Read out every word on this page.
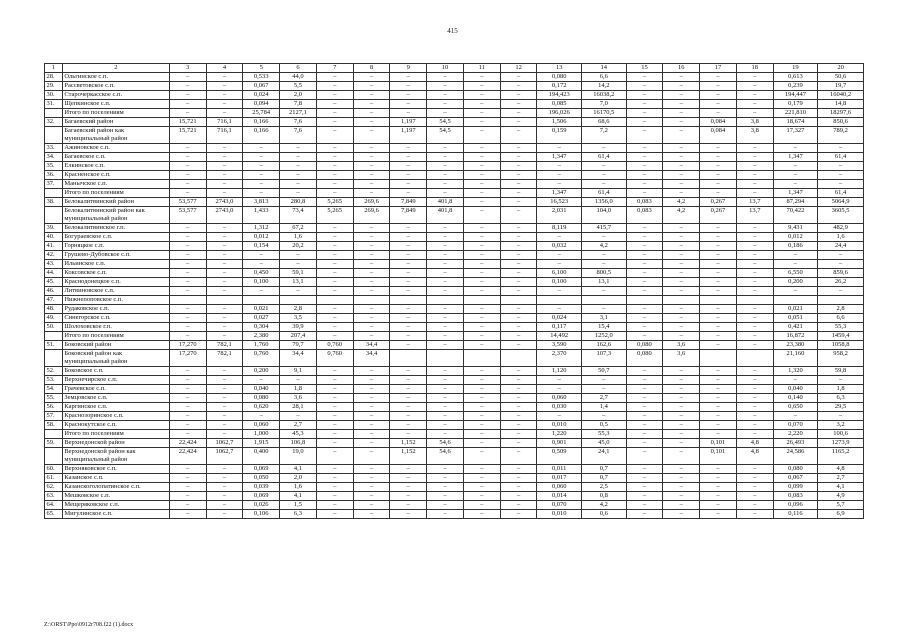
415
1	2	3	4	5	6	7	8	9	10	11	12	13	14	15	16	17	18	19	20
28.	Ольгинское с.п.	–	–	0,533	44,0	–	–	–	–	–	–	0,080	6,6	–	–	–	–	0,613	50,6
29.	Рассветовское с.п.	–	–	0,067	5,5	–	–	–	–	–	–	0,172	14,2	–	–	–	–	0,239	19,7
30.	Старочеркасское с.п.	–	–	0,024	2,0	–	–	–	–	–	–	194,423	16038,2	–	–	–	–	194,447	16040,2
31.	Щепкинское с.п.	–	–	0,094	7,8	–	–	–	–	–	–	0,085	7,0	–	–	–	–	0,179	14,8
	Итого по поселениям	–	–	25,784	2127,1	–	–	–	–	–	–	196,026	16170,5	–	–	–	–	221,810	18297,6
32.	Багаевский район	15,721	716,1	0,166	7,6	–	–	1,197	54,5	–	–	1,506	68,6	–	–	0,084	3,8	18,674	850,6
	Багаевский район как муниципальный район	15,721	716,1	0,166	7,6	–	–	1,197	54,5	–	–	0,159	7,2	–	–	0,084	3,8	17,327	789,2
33.	Ажиновское с.п.	–	–	–	–	–	–	–	–	–	–	–	–	–	–	–	–	–	–
34.	Багаевское с.п.	–	–	–	–	–	–	–	–	–	–	1,347	61,4	–	–	–	–	1,347	61,4
35.	Елкинское с.п.	–	–	–	–	–	–	–	–	–	–	–	–	–	–	–	–	–	–
36.	Красненское с.п.	–	–	–	–	–	–	–	–	–	–	–	–	–	–	–	–	–	–
37.	Манычское с.п.	–	–	–	–	–	–	–	–	–	–	–	–	–	–	–	–	–	–
	Итого по поселениям	–	–	–	–	–	–	–	–	–	–	1,347	61,4	–	–	–	–	1,347	61,4
38.	Белокалитвинский район	53,577	2743,0	3,813	280,8	5,265	269,6	7,849	401,8	–	–	16,523	1356,0	0,083	4,2	0,267	13,7	87,294	5064,9
	Белокалитвинский район как муниципальный район	53,577	2743,0	1,433	73,4	5,265	269,6	7,849	401,8	–	–	2,031	104,0	0,083	4,2	0,267	13,7	70,422	3605,5
39.	Белокалитвинское г.п.	–	–	1,312	67,2	–	–	–	–	–	–	8,119	415,7	–	–	–	–	9,431	482,9
40.	Богураевское с.п.	–	–	0,012	1,6	–	–	–	–	–	–	–	–	–	–	–	–	0,012	1,6
41.	Горняцкое с.п.	–	–	0,154	20,2	–	–	–	–	–	–	0,032	4,2	–	–	–	–	0,186	24,4
42.	Грушево-Дубовское с.п.	–	–	–	–	–	–	–	–	–	–	–	–	–	–	–	–	–	–
43.	Ильинское с.п.	–	–	–	–	–	–	–	–	–	–	–	–	–	–	–	–	–	–
44.	Коксовское с.п.	–	–	0,450	59,1	–	–	–	–	–	–	6,100	800,5	–	–	–	–	6,550	859,6
45.	Краснодонецкое с.п.	–	–	0,100	13,1	–	–	–	–	–	–	0,100	13,1	–	–	–	–	0,200	26,2
46.	Литвиновское с.п.	–	–	–	–	–	–	–	–	–	–	–	–	–	–	–	–	–	–
47.	Нижнепоповское с.п.																		
48.	Рудаковское с.п.	–	–	0,021	2,8	–	–	–	–	–	–	–	–	–	–	–	–	0,021	2,8
49.	Синегорское с.п.	–	–	0,027	3,5	–	–	–	–	–	–	0,024	3,1	–	–	–	–	0,051	6,6
50.	Шолоховское г.п.	–	–	0,304	39,9	–	–	–	–	–	–	0,117	15,4	–	–	–	–	0,421	55,3
	Итого по поселениям	–	–	2,380	207,4	–	–	–	–	–	–	14,492	1252,0	–	–	–	–	16,872	1459,4
51.	Боковский район	17,270	782,1	1,760	79,7	0,760	34,4	–	–	–	–	3,590	162,6	0,080	3,6	–	–	23,380	1058,8
	Боковский район как муниципальный район	17,270	782,1	0,760	34,4	0,760	34,4					2,370	107,3	0,080	3,6			21,160	958,2
52.	Боковское с.п.	–	–	0,200	9,1	–	–	–	–	–	–	1,120	50,7	–	–	–	–	1,320	59,8
53.	Верхнечирское с.п.	–	–	–	–	–	–	–	–	–	–	–	–	–	–	–	–	–	–
54.	Грачевское с.п.	–	–	0,040	1,8	–	–	–	–	–	–	–	–	–	–	–	–	0,040	1,8
55.	Земцовское с.п.	–	–	0,080	3,6	–	–	–	–	–	–	0,060	2,7	–	–	–	–	0,140	6,3
56.	Каргинское с.п.	–	–	0,620	28,1	–	–	–	–	–	–	0,030	1,4	–	–	–	–	0,650	29,5
57.	Краснозоринское с.п.	–	–	–	–	–	–	–	–	–	–	–	–	–	–	–	–	–	–
58.	Краснокутское с.п.	–	–	0,060	2,7	–	–	–	–	–	–	0,010	0,5	–	–	–	–	0,070	3,2
	Итого по поселениям	–	–	1,000	45,3	–	–	–	–	–	–	1,220	55,3	–	–	–	–	2,220	100,6
59.	Верхнедонской район	22,424	1062,7	1,915	106,8	–	–	1,152	54,6	–	–	0,901	45,0	–	–	0,101	4,8	26,493	1273,9
	Верхнедонской район как муниципальный район	22,424	1062,7	0,400	19,0	–	–	1,152	54,6	–	–	0,509	24,1	–	–	0,101	4,8	24,586	1165,2
60.	Верхняковское с.п.	–	–	0,069	4,1	–	–	–	–	–	–	0,011	0,7	–	–	–	–	0,080	4,8
61.	Казанское с.п.	–	–	0,050	2,0	–	–	–	–	–	–	0,017	0,7	–	–	–	–	0,067	2,7
62.	Казанскоголопатинское с.п.	–	–	0,039	1,6	–	–	–	–	–	–	0,060	2,5	–	–	–	–	0,099	4,1
63.	Мешковское с.п.	–	–	0,069	4,1	–	–	–	–	–	–	0,014	0,8	–	–	–	–	0,083	4,9
64.	Мещеряковское с.п.	–	–	0,026	1,5	–	–	–	–	–	–	0,070	4,2	–	–	–	–	0,096	5,7
65.	Мигулинское с.п.	–	–	0,106	6,3	–	–	–	–	–	–	0,010	0,6	–	–	–	–	0,116	6,9
Z:\ORST\Ppo\0912r708.f22 (1).docx
